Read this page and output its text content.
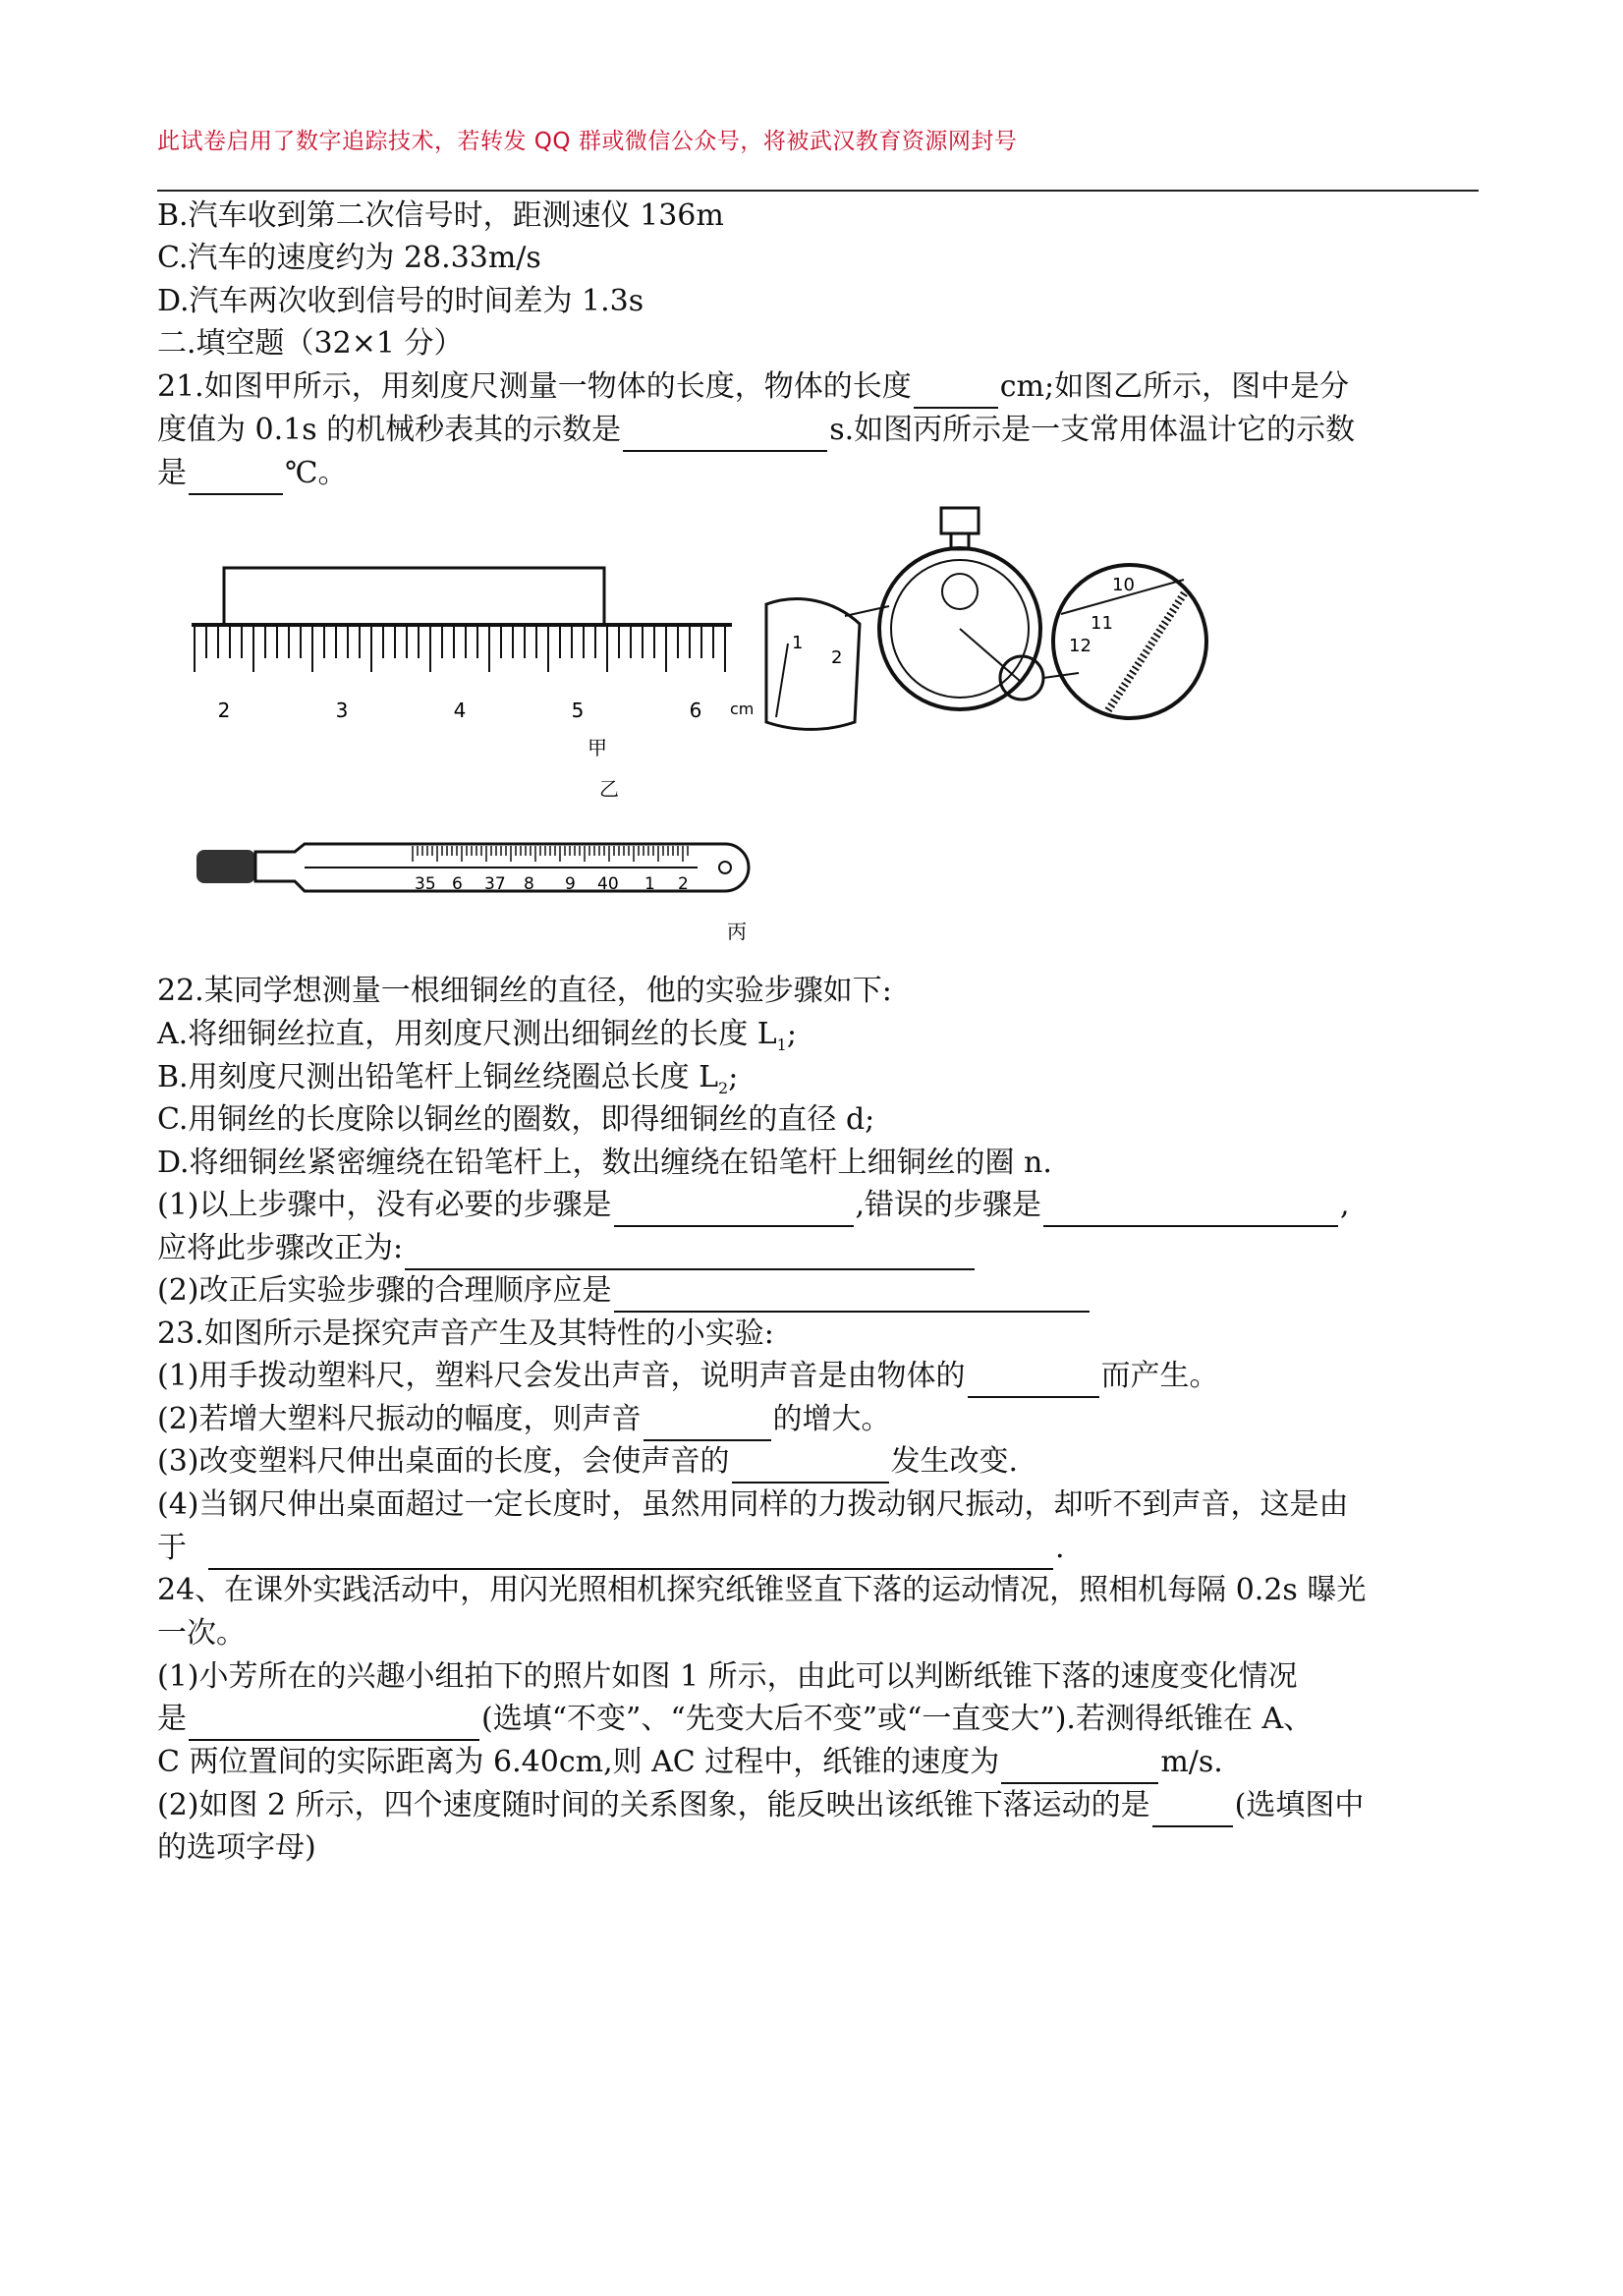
此试卷启用了数字追踪技术，若转发 QQ 群或微信公众号，将被武汉教育资源网封号
B.汽车收到第二次信号时，距测速仪 136m
C.汽车的速度约为 28.33m/s
D.汽车两次收到信号的时间差为 1.3s
二.填空题（32×1 分）
21.如图甲所示，用刻度尺测量一物体的长度，物体的长度	cm;如图乙所示，图中是分
度值为 0.1s 的机械秒表其的示数是	s.如图丙所示是一支常用体温计它的示数
是	℃。
2	3	4	5	6
甲
乙
1
2
cm
10
11
12
35 6 37 8 9 40 1 2
丙
22.某同学想测量一根细铜丝的直径，他的实验步骤如下:
A.将细铜丝拉直，用刻度尺测出细铜丝的长度 $L_1$;
B.用刻度尺测出铅笔杆上铜丝绕圈总长度 $L_2$;
C.用铜丝的长度除以铜丝的圈数，即得细铜丝的直径 d;
D.将细铜丝紧密缠绕在铅笔杆上，数出缠绕在铅笔杆上细铜丝的圈 n.
(1)以上步骤中，没有必要的步骤是	,错误的步骤是	,
应将此步骤改正为:
(2)改正后实验步骤的合理顺序应是
23.如图所示是探究声音产生及其特性的小实验:
(1)用手拨动塑料尺，塑料尺会发出声音，说明声音是由物体的	而产生。
(2)若增大塑料尺振动的幅度，则声音	的增大。
(3)改变塑料尺伸出桌面的长度，会使声音的	发生改变.
(4)当钢尺伸出桌面超过一定长度时，虽然用同样的力拨动钢尺振动，却听不到声音，这是由
于	.
24、在课外实践活动中，用闪光照相机探究纸锥竖直下落的运动情况，照相机每隔 0.2s 曝光
一次。
(1)小芳所在的兴趣小组拍下的照片如图 1 所示，由此可以判断纸锥下落的速度变化情况
是	(选填“不变”、“先变大后不变”或“一直变大”).若测得纸锥在 A、
C 两位置间的实际距离为 6.40cm,则 AC 过程中，纸锥的速度为	m/s.
(2)如图 2 所示，四个速度随时间的关系图象，能反映出该纸锥下落运动的是	(选填图中
的选项字母)
